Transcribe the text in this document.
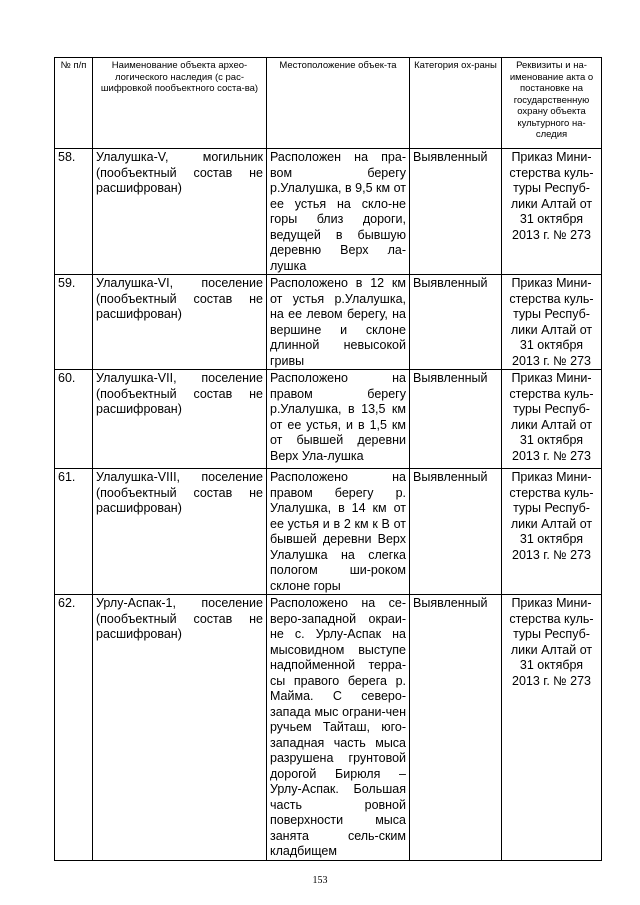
№ п/п	Наименование объекта архео-логического наследия (с рас-шифровкой пообъектного соста-ва)	Местоположение объек-та	Категория ох-раны	Реквизиты и на-именование акта о постановке на государственную охрану объекта культурного на-следия
58.	Улалушка-V, могильник (пообъектный состав не расшифрован)	Расположен на пра-вом берегу р.Улалушка, в 9,5 км от ее устья на скло-не горы близ дороги, ведущей в бывшую деревню Верх ла-лушка	Выявленный	Приказ Мини-стерства куль-туры Респуб-лики Алтай от 31 октября 2013 г. № 273
59.	Улалушка-VI, поселение (пообъектный состав не расшифрован)	Расположено в 12 км от устья р.Улалушка, на ее левом берегу, на вершине и склоне длинной невысокой гривы	Выявленный	Приказ Мини-стерства куль-туры Респуб-лики Алтай от 31 октября 2013 г. № 273
60.	Улалушка-VII, поселение (пообъектный состав не расшифрован)	Расположено на правом берегу р.Улалушка, в 13,5 км от ее устья, и в 1,5 км от бывшей деревни Верх Ула-лушка	Выявленный	Приказ Мини-стерства куль-туры Респуб-лики Алтай от 31 октября 2013 г. № 273
61.	Улалушка-VIII, поселение (пообъектный состав не расшифрован)	Расположено на правом берегу р. Улалушка, в 14 км от ее устья и в 2 км к В от бывшей деревни Верх Улалушка на слегка пологом ши-роком склоне горы	Выявленный	Приказ Мини-стерства куль-туры Респуб-лики Алтай от 31 октября 2013 г. № 273
62.	Урлу-Аспак-1, поселение (пообъектный состав не расшифрован)	Расположено на се-веро-западной окраи-не с. Урлу-Аспак на мысовидном выступе надпойменной терра-сы правого берега р. Майма. С северо-запада мыс ограни-чен ручьем Тайташ, юго-западная часть мыса разрушена грунтовой дорогой Бирюля – Урлу-Аспак. Большая часть ровной поверхности мыса занята сель-ским кладбищем	Выявленный	Приказ Мини-стерства куль-туры Респуб-лики Алтай от 31 октября 2013 г. № 273
153
